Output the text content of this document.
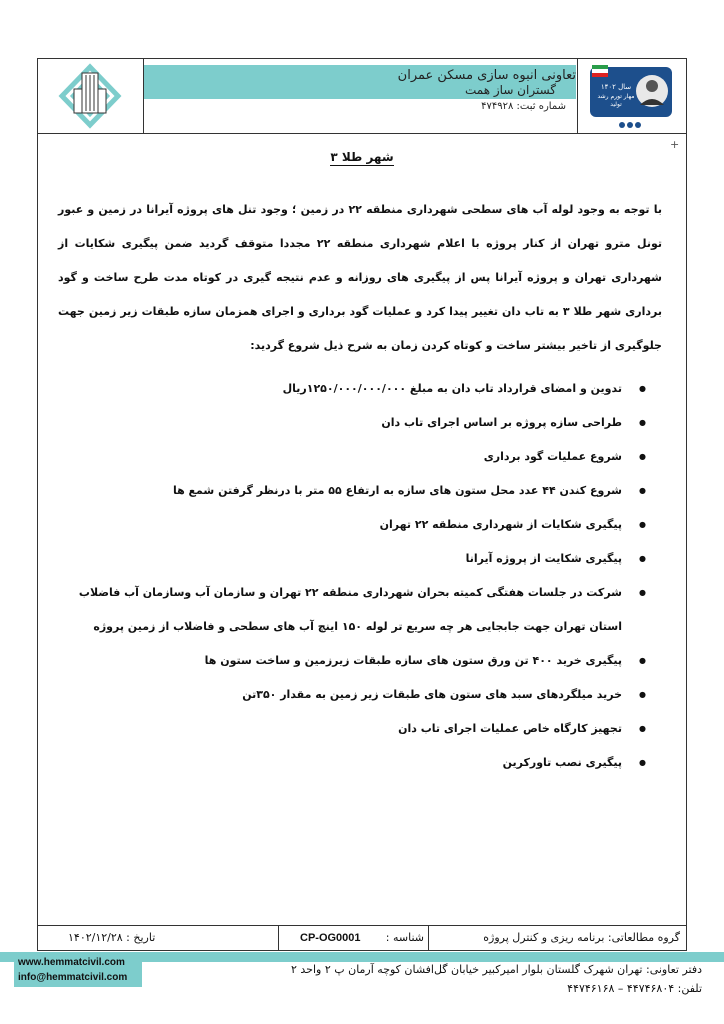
تعاونی انبوه سازی مسکن عمران
گستران ساز همت
شماره ثبت: ۴۷۴۹۲۸
سال ۱۴۰۲
مهار تورم رشد تولید
گروه مطالعاتی: برنامه ریزی و کنترل پروژه
شناسه :
CP-OG0001
تاریخ : ۱۴۰۲/۱۲/۲۸
+
شهر طلا ۳
با توجه به وجود لوله آب های سطحی شهرداری منطقه ۲۲ در زمین ؛ وجود تنل های پروژه آیرانا در زمین و عبور تونل مترو تهران از کنار پروژه با اعلام شهرداری منطقه ۲۲ مجددا متوقف گردید ضمن پیگیری شکایات از شهرداری تهران و پروژه آیرانا پس از پیگیری های روزانه و عدم نتیجه گیری در کوتاه مدت طرح ساخت و گود برداری شهر طلا ۳ به تاب دان تغییر پیدا کرد و عملیات گود برداری و اجرای همزمان سازه طبقات زیر زمین جهت جلوگیری از تاخیر بیشتر ساخت و کوتاه کردن زمان به شرح ذیل شروع گردید:
● تدوین و امضای قرارداد تاب دان به مبلغ ۱۲۵۰/۰۰۰/۰۰۰/۰۰۰ریال
● طراحی سازه پروژه بر اساس اجرای تاب دان
● شروع عملیات گود برداری
● شروع کندن ۴۴ عدد محل ستون های سازه به ارتفاع ۵۵ متر با درنظر گرفتن شمع ها
● پیگیری شکایات از شهرداری منطقه ۲۲ تهران
● پیگیری شکایت از پروژه آیرانا
● شرکت در جلسات هفتگی کمیته بحران شهرداری منطقه ۲۲ تهران و سازمان آب وسازمان آب فاضلاب استان تهران جهت جابجایی هر چه سریع تر لوله ۱۵۰ اینچ آب های سطحی و فاضلاب از زمین پروژه
● پیگیری خرید ۴۰۰ تن ورق ستون های سازه طبقات زیرزمین و ساخت ستون ها
● خرید میلگردهای سبد های ستون های طبقات زیر زمین به مقدار ۳۵۰تن
● تجهیز کارگاه خاص عملیات اجرای تاب دان
● پیگیری نصب تاورکرین
www.hemmatcivil.com
info@hemmatcivil.com
دفتر تعاونی: تهران شهرک گلستان بلوار امیرکبیر خیابان گل‌افشان کوچه آرمان پ ۲ واحد ۲
تلفن: ۴۴۷۴۶۸۰۴ – ۴۴۷۴۶۱۶۸
